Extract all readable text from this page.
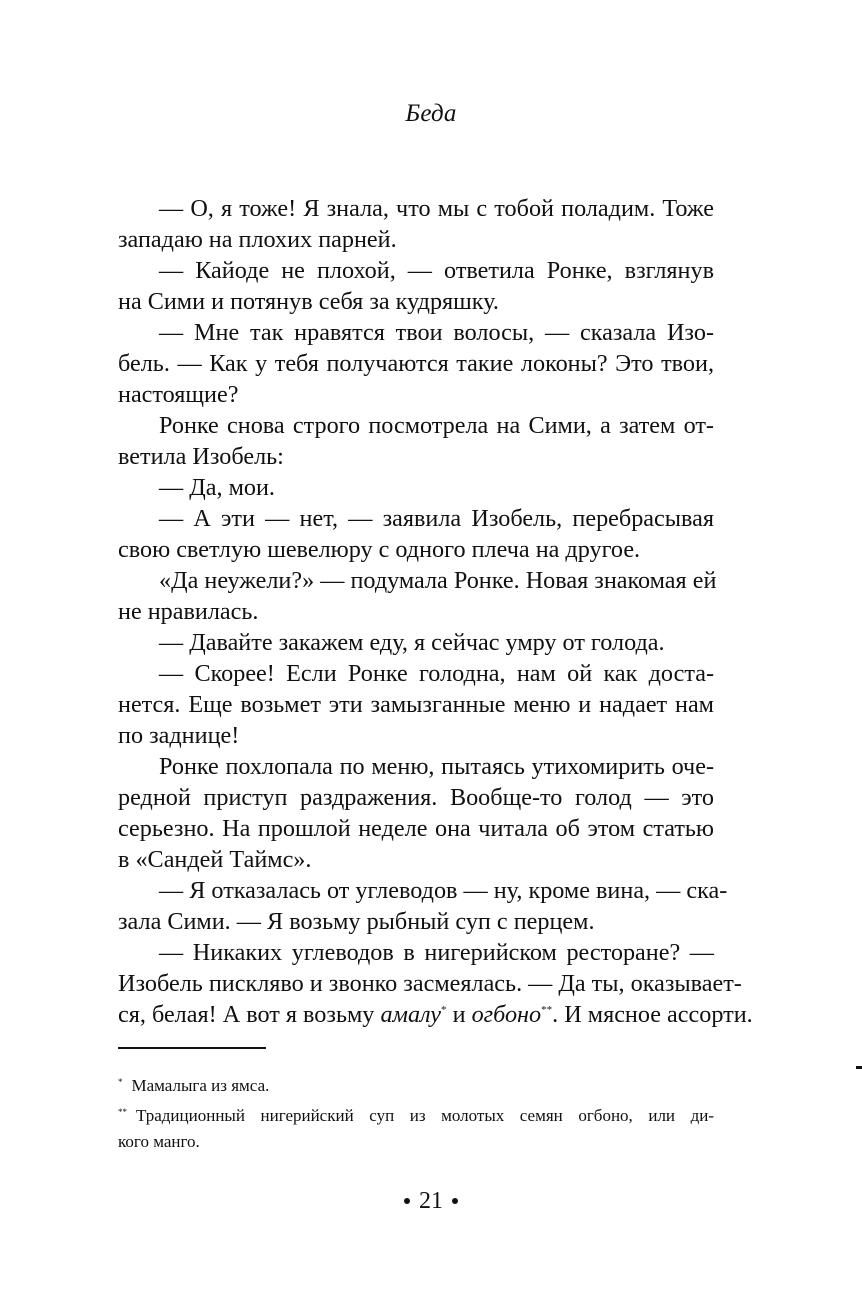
Беда
— О, я тоже! Я знала, что мы с тобой поладим. Тоже
западаю на плохих парней.
— Кайоде не плохой, — ответила Ронке, взглянув
на Сими и потянув себя за кудряшку.
— Мне так нравятся твои волосы, — сказала Изо-
бель. — Как у тебя получаются такие локоны? Это твои,
настоящие?
Ронке снова строго посмотрела на Сими, а затем от-
ветила Изобель:
— Да, мои.
— А эти — нет, — заявила Изобель, перебрасывая
свою светлую шевелюру с одного плеча на другое.
«Да неужели?» — подумала Ронке. Новая знакомая ей
не нравилась.
— Давайте закажем еду, я сейчас умру от голода.
— Скорее! Если Ронке голодна, нам ой как доста-
нется. Еще возьмет эти замызганные меню и надает нам
по заднице!
Ронке похлопала по меню, пытаясь утихомирить оче-
редной приступ раздражения. Вообще-то голод — это
серьезно. На прошлой неделе она читала об этом статью
в «Сандей Таймс».
— Я отказалась от углеводов — ну, кроме вина, — ска-
зала Сими. — Я возьму рыбный суп с перцем.
— Никаких углеводов в нигерийском ресторане? —
Изобель пискляво и звонко засмеялась. — Да ты, оказывает-
ся, белая! А вот я возьму амалу* и огбоно**. И мясное ассорти.
* Мамалыга из ямса.
** Традиционный нигерийский суп из молотых семян огбоно, или ди-
кого манго.
21
